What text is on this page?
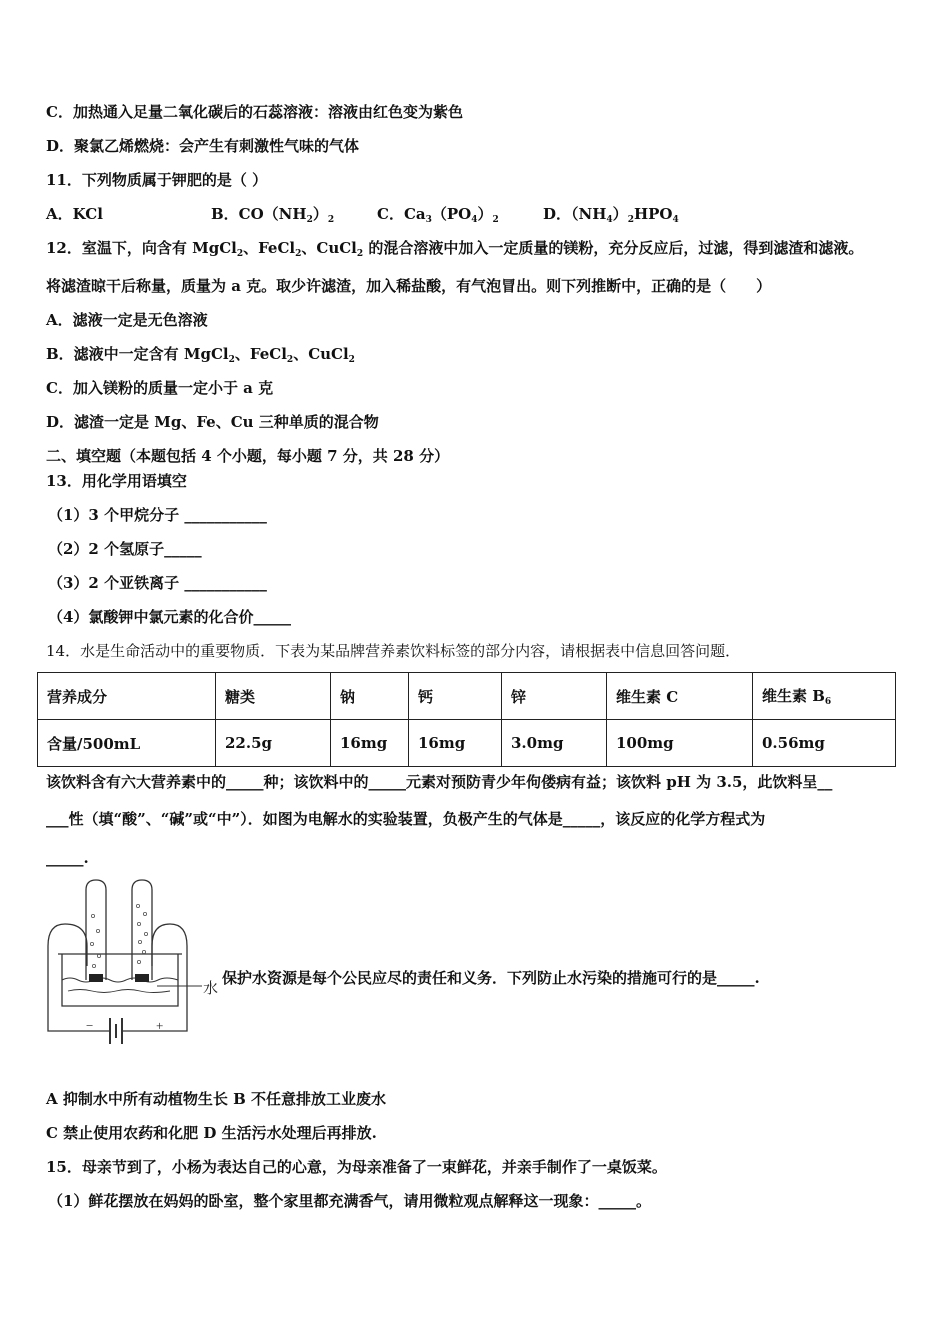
C．加热通入足量二氧化碳后的石蕊溶液：溶液由红色变为紫色
D．聚氯乙烯燃烧：会产生有刺激性气味的气体
11．下列物质属于钾肥的是（ ）
A．KCl	B．$CO(NH_2)_2$	C．$Ca_3(PO_4)_2$	D．$(NH_4)_2HPO_4$
12．室温下，向含有 MgCl$_2$、FeCl$_2$、CuCl$_2$ 的混合溶液中加入一定质量的镁粉，充分反应后，过滤，得到滤渣和滤液。
将滤渣晾干后称量，质量为 a 克。取少许滤渣，加入稀盐酸，有气泡冒出。则下列推断中，正确的是（　　）
A．滤液一定是无色溶液
B．滤液中一定含有 MgCl$_2$、FeCl$_2$、CuCl$_2$
C．加入镁粉的质量一定小于 a 克
D．滤渣一定是 Mg、Fe、Cu 三种单质的混合物
二、填空题（本题包括 4 个小题，每小题 7 分，共 28 分）
13．用化学用语填空
（1）3 个甲烷分子 ___________
（2）2 个氢原子_____
（3）2 个亚铁离子 ___________
（4）氯酸钾中氯元素的化合价_____
14．水是生命活动中的重要物质．下表为某品牌营养素饮料标签的部分内容，请根据表中信息回答问题．
营养成分	糖类	钠	钙	锌	维生素 C	维生素 $B_6$
含量/500mL	22.5g	16mg	16mg	3.0mg	100mg	0.56mg
该饮料含有六大营养素中的_____种；该饮料中的_____元素对预防青少年佝偻病有益；该饮料 pH 为 3.5，此饮料呈__
___性（填“酸”、“碱”或“中”）．如图为电解水的实验装置，负极产生的气体是_____，该反应的化学方程式为
_____.
水
−	+
保护水资源是每个公民应尽的责任和义务．下列防止水污染的措施可行的是_____.
A 抑制水中所有动植物生长 B 不任意排放工业废水
C 禁止使用农药和化肥 D 生活污水处理后再排放.
15．母亲节到了，小杨为表达自己的心意，为母亲准备了一束鲜花，并亲手制作了一桌饭菜。
（1）鲜花摆放在妈妈的卧室，整个家里都充满香气，请用微粒观点解释这一现象：_____。
